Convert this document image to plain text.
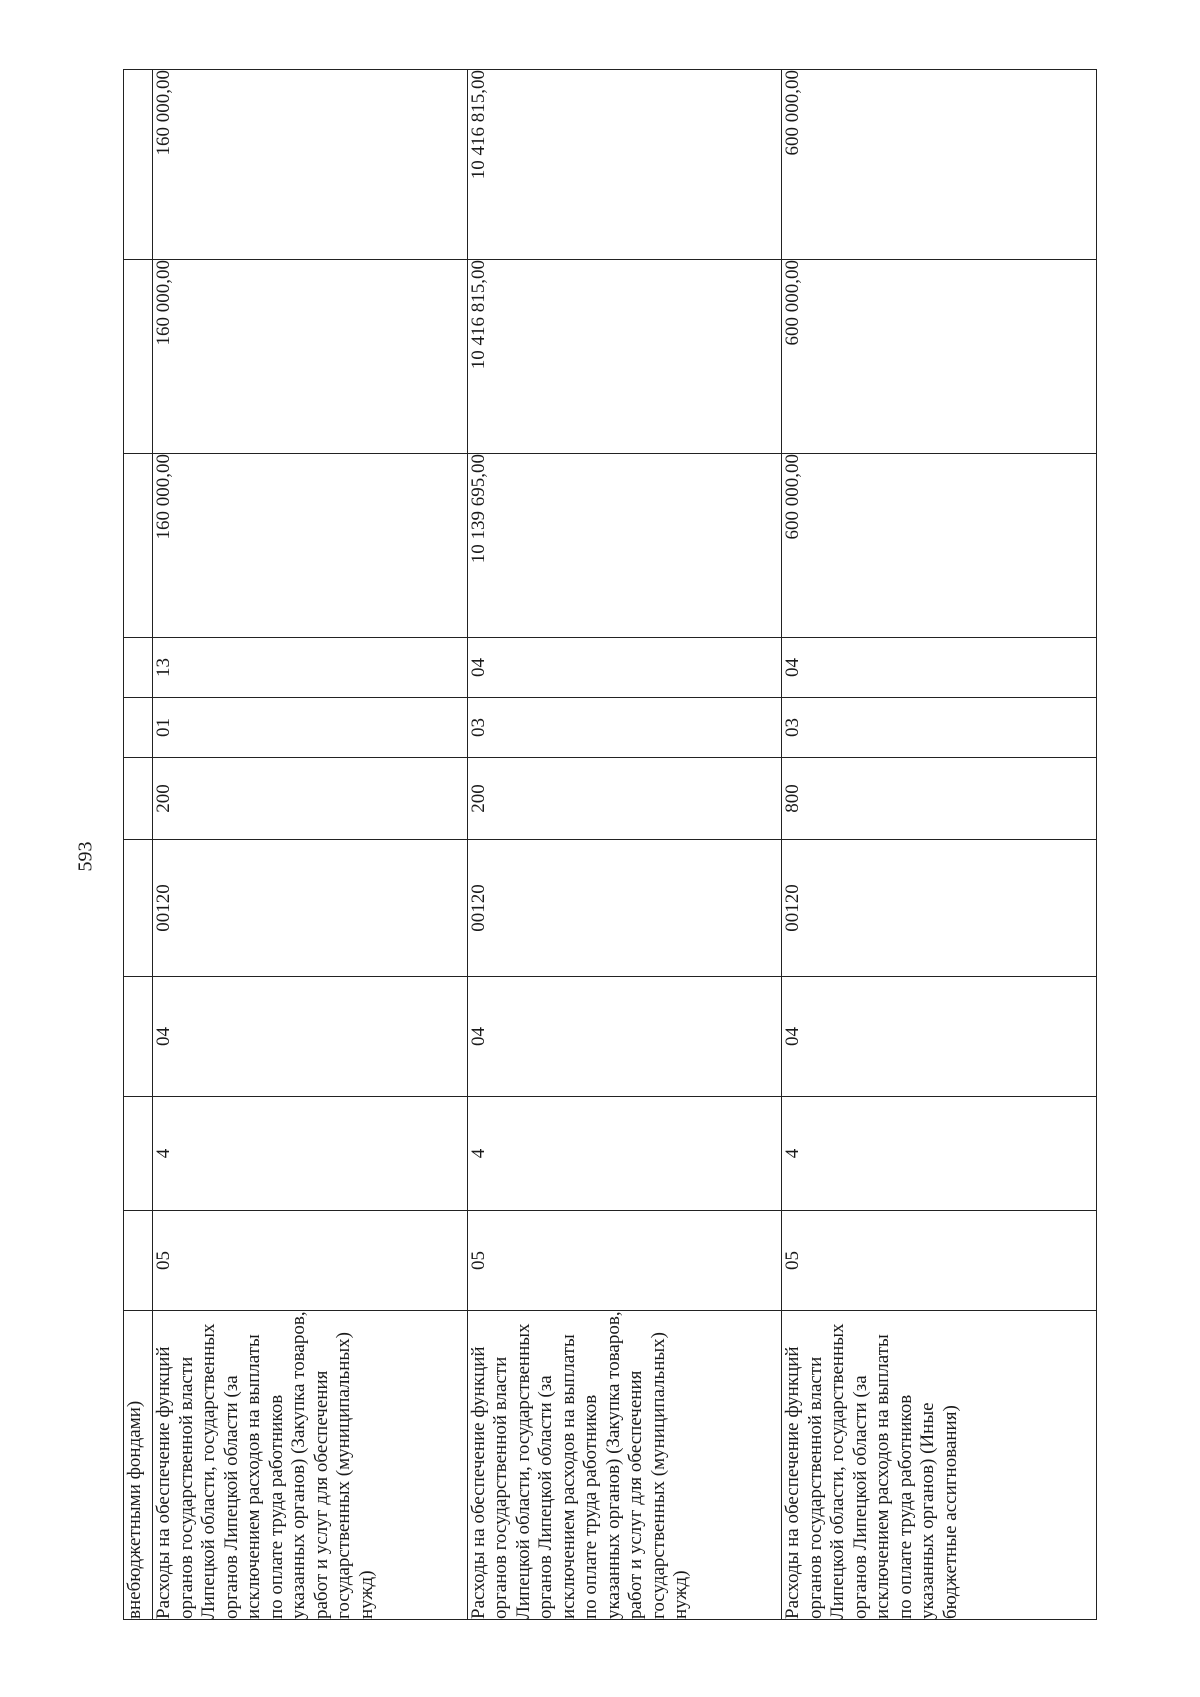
593
внебюджетными фондами)										
Расходы на обеспечение функций органов государственной власти Липецкой области, государственных органов Липецкой области (за исключением расходов на выплаты по оплате труда работников указанных органов) (Закупка товаров, работ и услуг для обеспечения государственных (муниципальных) нужд)	05	4	04	00120	200	01	13	160 000,00	160 000,00	160 000,00
Расходы на обеспечение функций органов государственной власти Липецкой области, государственных органов Липецкой области (за исключением расходов на выплаты по оплате труда работников указанных органов) (Закупка товаров, работ и услуг для обеспечения государственных (муниципальных) нужд)	05	4	04	00120	200	03	04	10 139 695,00	10 416 815,00	10 416 815,00
Расходы на обеспечение функций органов государственной власти Липецкой области, государственных органов Липецкой области (за исключением расходов на выплаты по оплате труда работников указанных органов) (Иные бюджетные ассигнования)	05	4	04	00120	800	03	04	600 000,00	600 000,00	600 000,00
